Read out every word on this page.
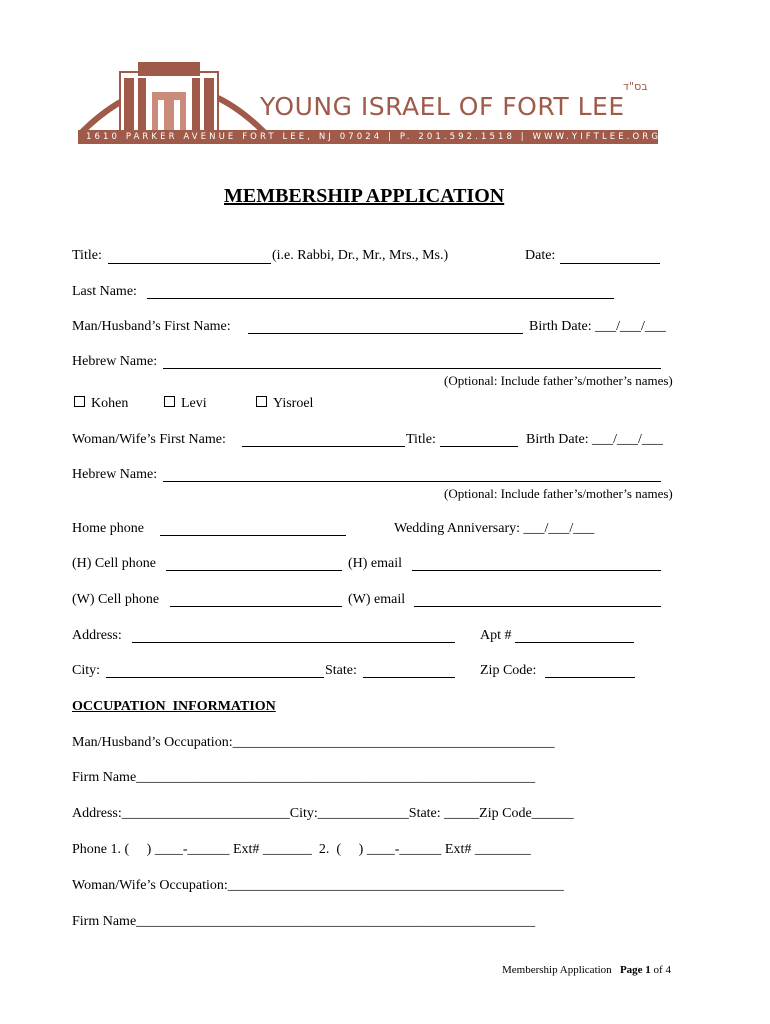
בס"ד
YOUNG ISRAEL OF FORT LEE
1610 PARKER AVENUE FORT LEE, NJ 07024 | P. 201.592.1518 | WWW.YIFTLEE.ORG
MEMBERSHIP APPLICATION
Title:	(i.e. Rabbi, Dr., Mr., Mrs., Ms.)	Date:
Last Name:
Man/Husband’s First Name:	Birth Date: ___/___/___
Hebrew Name:
(Optional: Include father’s/mother’s names)
Kohen	Levi	Yisroel
Woman/Wife’s First Name:	Title:	Birth Date: ___/___/___
Hebrew Name:
(Optional: Include father’s/mother’s names)
Home phone	Wedding Anniversary: ___/___/___
(H) Cell phone	(H) email
(W) Cell phone	(W) email
Address:	Apt #
City:	State:	Zip Code:
OCCUPATION  INFORMATION
Man/Husband’s Occupation:______________________________________________
Firm Name_________________________________________________________
Address:________________________City:_____________State: _____Zip Code______
Phone 1. (     ) ____-______ Ext# _______  2.  (     ) ____-______ Ext# ________
Woman/Wife’s Occupation:________________________________________________
Firm Name_________________________________________________________
Membership Application Page 1 of 4
